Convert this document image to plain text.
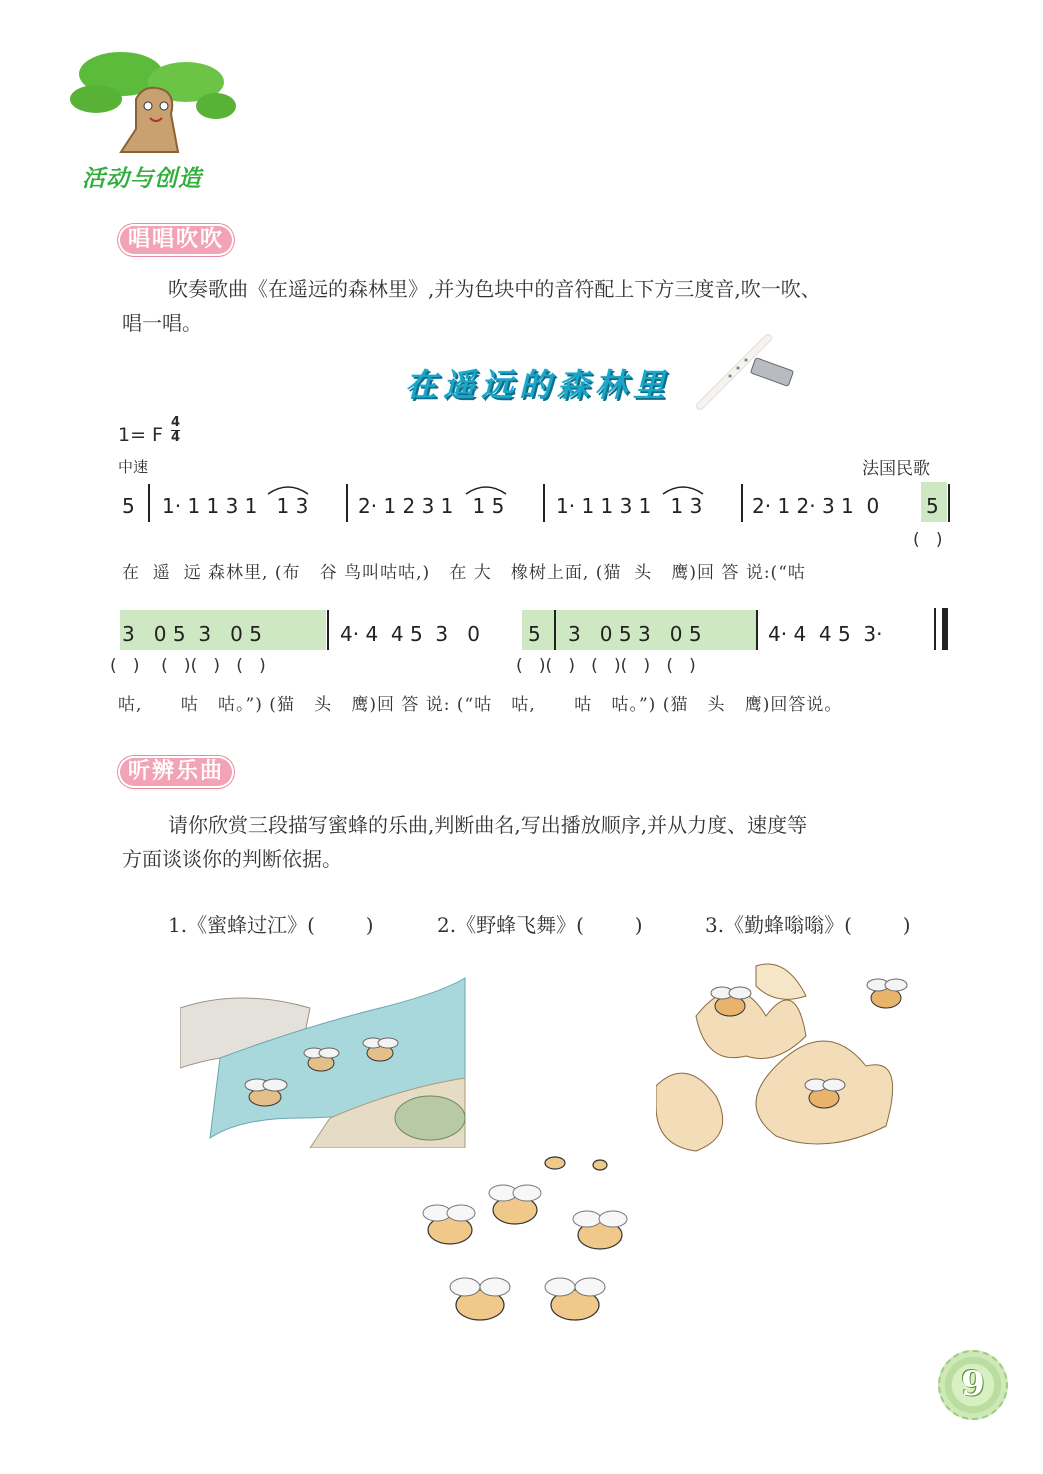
活动与创造
唱唱吹吹
吹奏歌曲《在遥远的森林里》,并为色块中的音符配上下方三度音,吹一吹、
唱一唱。
在遥远的森林里
1= F
4
4
中速	法国民歌
5 1· 1 1 3 1   1 3 2· 1 2 3 1   1 5	1· 1 1 3 1   1 3 2· 1 2· 3 1  0 5
(   )
在  遥  远 森林里, (布   谷 鸟叫咕咕,)   在 大   橡树上面, (猫  头   鹰)回 答 说:(“咕
3   0 5  3   0 5	4· 4  4 5  3   0 5 3   0 5 3   0 5	4· 4  4 5  3·
(   )    (   )(   )   (   )	(   )(   )   (   )(   )   (   )
咕,      咕   咕。”) (猫   头   鹰)回 答 说: (“咕   咕,      咕   咕。”) (猫   头   鹰)回答说。
听辨乐曲
请你欣赏三段描写蜜蜂的乐曲,判断曲名,写出播放顺序,并从力度、速度等
方面谈谈你的判断依据。
1.《蜜蜂过江》(        )	2.《野蜂飞舞》(        )	3.《勤蜂嗡嗡》(        )
9
